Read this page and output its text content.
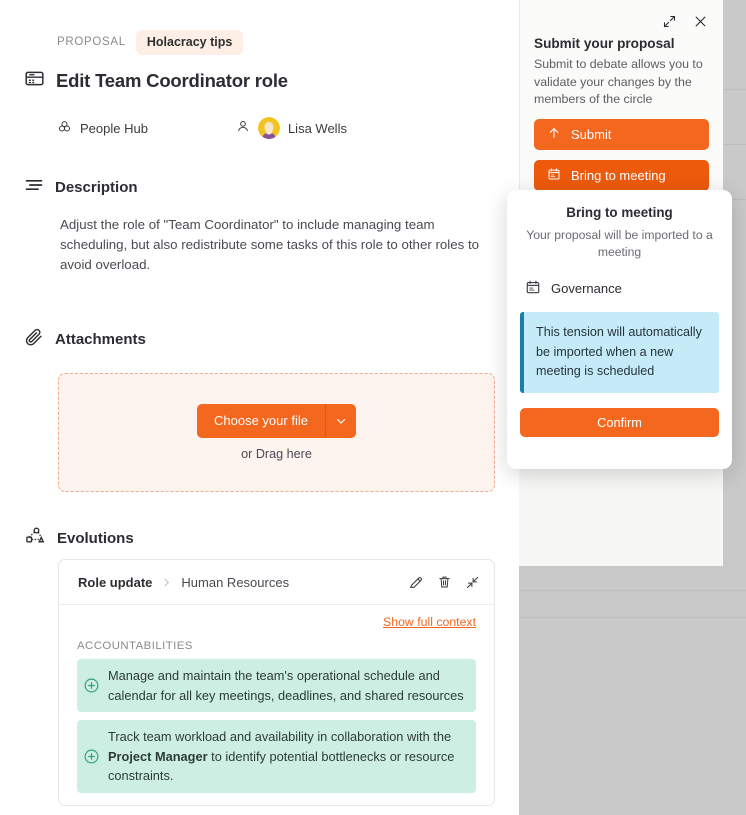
PROPOSAL	Holacracy tips
Edit Team Coordinator role
People Hub	Lisa Wells
Description
Adjust the role of "Team Coordinator" to include managing team scheduling, but also redistribute some tasks of this role to other roles to avoid overload.
Attachments
Choose your file
or Drag here
Evolutions
Role update Human Resources
Show full context
ACCOUNTABILITIES
Manage and maintain the team's operational schedule and calendar for all key meetings, deadlines, and shared resources
Track team workload and availability in collaboration with the Project Manager to identify potential bottlenecks or resource constraints.
Submit your proposal
Submit to debate allows you to validate your changes by the members of the circle
Submit
Bring to meeting
Bring to meeting
Your proposal will be imported to a meeting
Governance
This tension will automatically be imported when a new meeting is scheduled
Confirm
